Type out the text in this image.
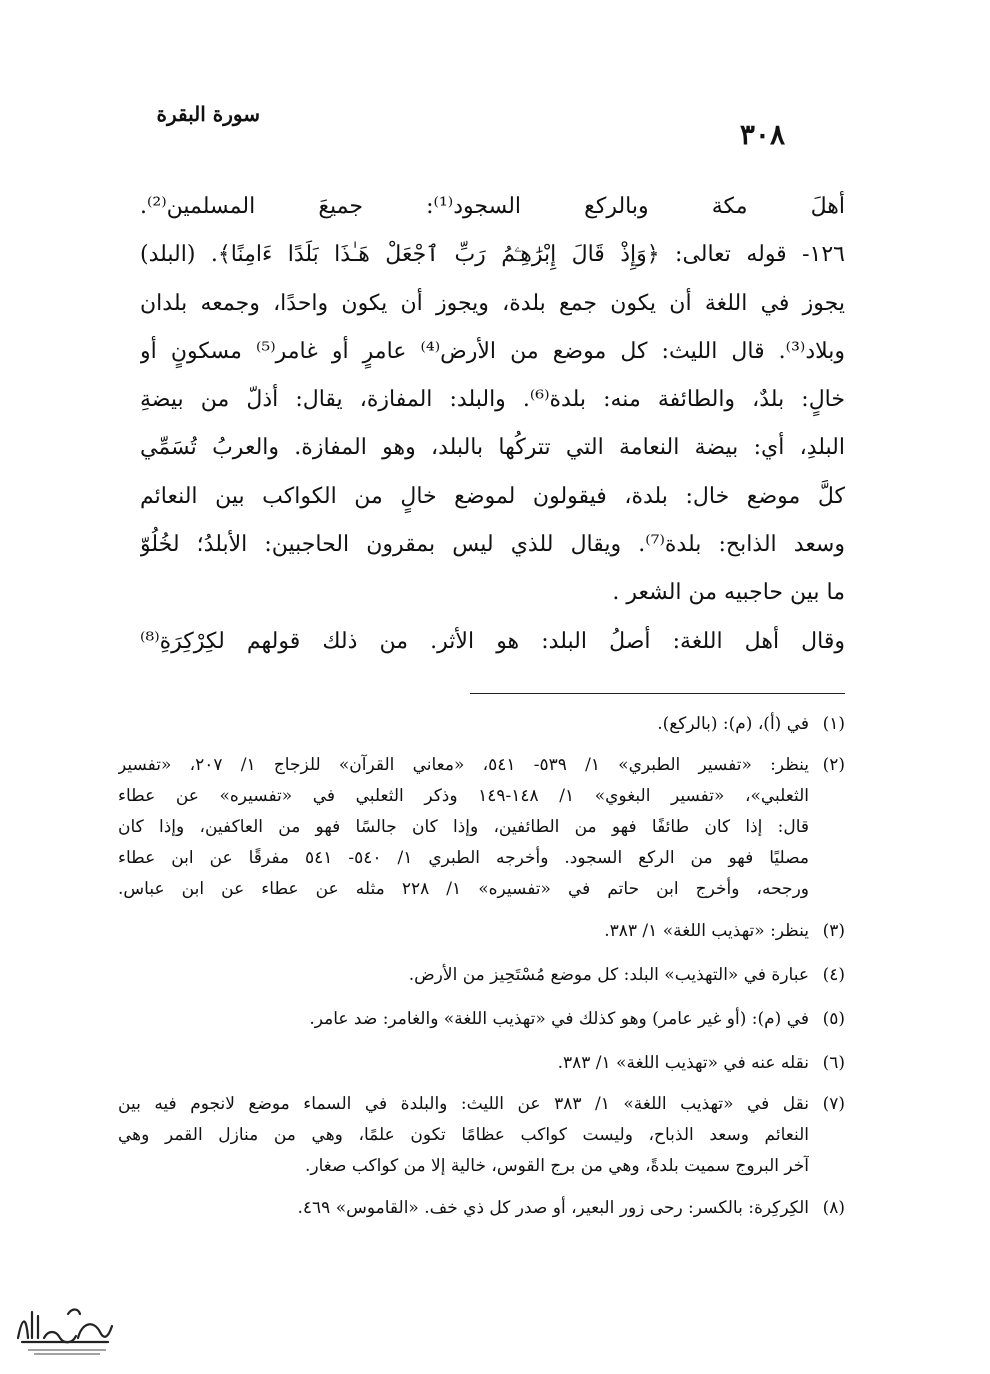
سورة البقرة
٣٠٨
أهلَ مكة وبالركع السجود⁽¹⁾: جميعَ المسلمين⁽²⁾.
١٢٦- قوله تعالى: ﴿وَإِذْ قَالَ إِبْرَٰهِـۧمُ رَبِّ ٱجْعَلْ هَـٰذَا بَلَدًا ءَامِنًا﴾. (البلد)
يجوز في اللغة أن يكون جمع بلدة، ويجوز أن يكون واحدًا، وجمعه بلدان
وبلاد⁽³⁾. قال الليث: كل موضع من الأرض⁽⁴⁾ عامرٍ أو غامر⁽⁵⁾ مسكونٍ أو
خالٍ: بلدٌ، والطائفة منه: بلدة⁽⁶⁾. والبلد: المفازة، يقال: أذلّ من بيضةِ
البلدِ، أي: بيضة النعامة التي تتركُها بالبلد، وهو المفازة. والعربُ تُسَمِّي
كلَّ موضع خال: بلدة، فيقولون لموضع خالٍ من الكواكب بين النعائم
وسعد الذابح: بلدة⁽⁷⁾. ويقال للذي ليس بمقرون الحاجبين: الأبلدُ؛ لخُلُوّ
ما بين حاجبيه من الشعر .
وقال أهل اللغة: أصلُ البلد: هو الأثر. من ذلك قولهم لكِرْكِرَةِ⁽⁸⁾
(١)
في (أ)، (م): (بالركع).
(٢)
ينظر: «تفسير الطبري» ١/ ٥٣٩- ٥٤١، «معاني القرآن» للزجاج ١/ ٢٠٧، «تفسير
الثعلبي»، «تفسير البغوي» ١/ ١٤٨-١٤٩ وذكر الثعلبي في «تفسيره» عن عطاء
قال: إذا كان طائفًا فهو من الطائفين، وإذا كان جالسًا فهو من العاكفين، وإذا كان
مصليًا فهو من الركع السجود. وأخرجه الطبري ١/ ٥٤٠- ٥٤١ مفرقًا عن ابن عطاء
ورجحه، وأخرج ابن حاتم في «تفسيره» ١/ ٢٢٨ مثله عن عطاء عن ابن عباس.
(٣)
ينظر: «تهذيب اللغة» ١/ ٣٨٣.
(٤)
عبارة في «التهذيب» البلد: كل موضع مُسْتَحِيز من الأرض.
(٥)
في (م): (أو غير عامر) وهو كذلك في «تهذيب اللغة» والغامر: ضد عامر.
(٦)
نقله عنه في «تهذيب اللغة» ١/ ٣٨٣.
(٧)
نقل في «تهذيب اللغة» ١/ ٣٨٣ عن الليث: والبلدة في السماء موضع لانجوم فيه بين
النعائم وسعد الذباح، وليست كواكب عظامًا تكون علمًا، وهي من منازل القمر وهي
آخر البروج سميت بلدةً، وهي من برج القوس، خالية إلا من كواكب صغار.
(٨)
الكِركِرة: بالكسر: رحى زور البعير، أو صدر كل ذي خف. «القاموس» ٤٦٩.
